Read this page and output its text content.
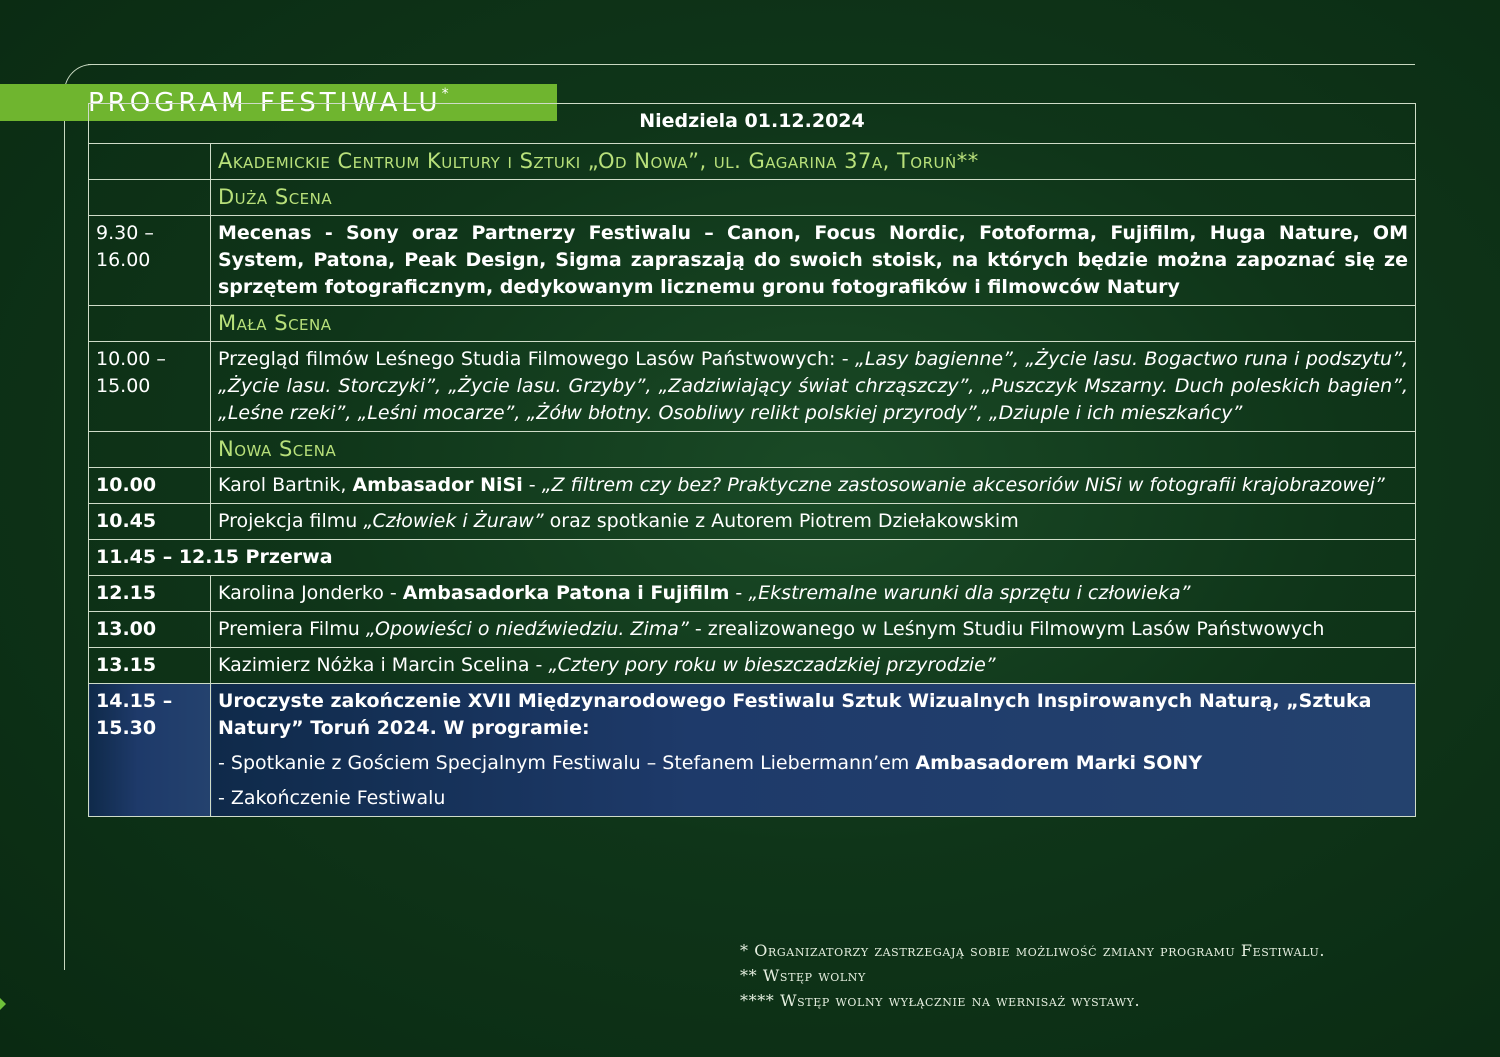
PROGRAM FESTIWALU*
Niedziela 01.12.2024	
	Akademickie Centrum Kultury i Sztuki „Od Nowa”, ul. Gagarina 37a, Toruń**
	Duża Scena
9.30 – 16.00	Mecenas - Sony oraz Partnerzy Festiwalu – Canon, Focus Nordic, Fotoforma, Fujifilm, Huga Nature, OM System, Patona, Peak Design, Sigma zapraszają do swoich stoisk, na których będzie można zapoznać się ze sprzętem fotograficznym, dedykowanym licznemu gronu fotografików i filmowców Natury
	Mała Scena
10.00 – 15.00	Przegląd filmów Leśnego Studia Filmowego Lasów Państwowych: - „Lasy bagienne”, „Życie lasu. Bogactwo runa i podszytu”, „Życie lasu. Storczyki”, „Życie lasu. Grzyby”, „Zadziwiający świat chrząszczy”, „Puszczyk Mszarny. Duch poleskich bagien”, „Leśne rzeki”, „Leśni mocarze”, „Żółw błotny. Osobliwy relikt polskiej przyrody”, „Dziuple i ich mieszkańcy”
	Nowa Scena
10.00	Karol Bartnik, Ambasador NiSi - „Z filtrem czy bez? Praktyczne zastosowanie akcesoriów NiSi w fotografii krajobrazowej”
10.45	Projekcja filmu „Człowiek i Żuraw” oraz spotkanie z Autorem Piotrem Dziełakowskim
11.45 – 12.15 Przerwa	
12.15	Karolina Jonderko - Ambasadorka Patona i Fujifilm - „Ekstremalne warunki dla sprzętu i człowieka”
13.00	Premiera Filmu „Opowieści o niedźwiedziu. Zima” - zrealizowanego w Leśnym Studiu Filmowym Lasów Państwowych
13.15	Kazimierz Nóżka i Marcin Scelina - „Cztery pory roku w bieszczadzkiej przyrodzie”
14.15 – 15.30	Uroczyste zakończenie XVII Międzynarodowego Festiwalu Sztuk Wizualnych Inspirowanych Naturą, „Sztuka Natury” Toruń 2024. W programie:
- Spotkanie z Gościem Specjalnym Festiwalu – Stefanem Liebermann’em Ambasadorem Marki SONY
- Zakończenie Festiwalu
* Organizatorzy zastrzegają sobie możliwość zmiany programu Festiwalu.
** Wstęp wolny
**** Wstęp wolny wyłącznie na wernisaż wystawy.
